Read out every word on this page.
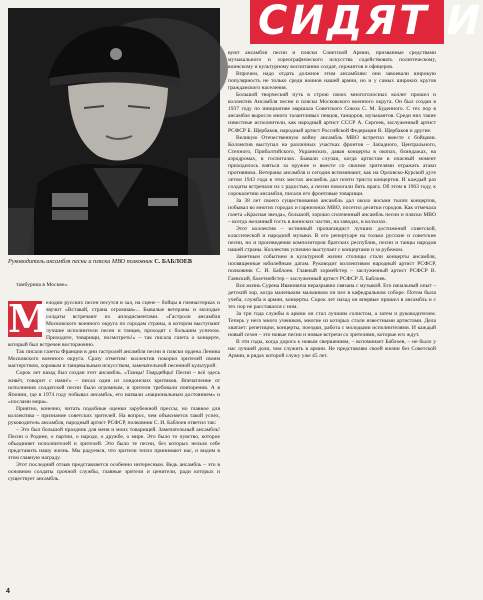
Руководитель ансамбля песни и пляски МВО полковник С. БАБЛОЕВ
СИДЯТ И

тамбурина в Москве».

М

елодии русских песен несутся в зал, на сцене – бойцы в гимнастерках и звучит «Вставай, страна огромная»... Бывалые ветераны и молодые солдаты встречают их аплодисментами. «Гастроли ансамбля Московского военного округа по городам страны, в котором выступают лучшие исполнители песен и танцев, проходят с большим успехом. Приходите, товарищи, посмотреть!» – так писала газета о концерте, который был встречен восторженно.

Так писали газеты Франции в дни гастролей ансамбля песни и пляски ордена Ленина Московского военного округа. Сразу отметим: коллектив покорил зрителей своим мастерством, хоровым и танцевальным искусством, замечательной песенной культурой.

Сорок лет назад был создан этот ансамбль. «Танцы! Гвардейцы! Песни – всё здесь живёт, говорит с нами!» – писал один из лондонских критиков. Впечатление от исполнения солдатской песни было огромным, и зрители требовали повторения. А в Японии, где в 1974 году побывал ансамбль, его назвали «национальным достоянием» и «послами мира».

Приятно, конечно, читать подобные оценки зарубежной прессы, но главное для коллектива – признание советских зрителей. На вопрос, чем объясняется такой успех, руководитель ансамбля, народный артист РСФСР, полковник С. И. Баблоев ответил так:

– Это был большой праздник для меня и моих товарищей. Замечательный ансамбль! Песни о Родине, о партии, о народе, о дружбе, о мире. Это было то чувство, которое объединяет исполнителей и зрителей. Это было те песни, без которых нельзя себе представить нашу жизнь. Мы радуемся, что зрители тепло принимают нас, и видим в этом главную награду.

Этот последний отзыв представляется особенно интересным. Ведь ансамбль – это в основном солдаты срочной службы, главные зрители и ценители, ради которых и существует ансамбль.

вуют ансамбли песни и пляски Советской Армии, призванные средствами музыкального и хореографического искусства содействовать политическому, воинскому и культурному воспитанию солдат, сержантов и офицеров.

Впрочем, надо отдать должное этим ансамблям: они завоевали широкую популярность не только среди воинов нашей армии, но и у самых широких кругов гражданского населения.

Большой творческий путь в строю своих многоголосных коллег прошел и коллектив Ансамбля песни и пляски Московского военного округа. Он был создан в 1937 году по инициативе маршала Советского Союза С. М. Буденного. С тех пор в ансамбле выросло много талантливых певцов, танцоров, музыкантов. Среди них такие известные исполнители, как народный артист СССР А. Сергеев, заслуженный артист РСФСР Б. Щербаков, народный артист Российской Федерации В. Щербаков и другие.

Великую Отечественную войну ансамбль МВО встретил вместе с бойцами. Коллектив выступал на различных участках фронтов – Западного, Центрального, Степного, Прибалтийского, Украинских, давая концерты в окопах, блиндажах, на аэродромах, в госпиталях. Бывали случаи, когда артистам в опасный момент приходилось взяться за оружие и вместе со своими зрителями отражать атаки противника. Ветераны ансамбля и сегодня вспоминают, как на Орловско-Курской дуге летом 1943 года в этих местах ансамбль дал почти триста концертов. И каждый раз солдаты встречали их с радостью, а песни помогали бить врага. Об этом в 1963 году, к сорокалетию ансамбля, писали его фронтовые товарищи.

За 38 лет своего существования ансамбль дал около восьми тысяч концертов, побывал во многих городах и гарнизонах МВО, посетил десятки городов. Как отмечала газета «Красная звезда», большой, хорошо сплоченный ансамбль песни и пляски МВО – всегда желанный гость в воинских частях, на заводах, в колхозах.

Этот коллектив – истинный пропагандист лучших достижений советской, классической и народной музыки. В его репертуаре на только русские и советские песни, но и произведения композиторов братских республик, песни и танцы народов нашей страны. Коллектив успешно выступает с концертами и за рубежом.

Заметным событием в культурной жизни столицы стали концерты ансамбля, посвященные юбилейным датам. Руководит коллективом народный артист РСФСР, полковник С. И. Баблоев. Главный хормейстер – заслуженный артист РСФСР В. Гаевский, балетмейстер – заслуженный артист РСФСР Л. Баблоев.

Вся жизнь Сурена Ивановича неразрывно связана с музыкой. Его начальный опыт – детский хор, когда маленьким мальчиком он пел в кафедральном соборе. Потом была учеба, служба в армии, концерты. Сорок лет назад он впервые пришел в ансамбль и с тех пор не расставался с ним.

За три года службы в армии он стал лучшим солистом, а затем и руководителем. Теперь у него много учеников, многие из которых стали известными артистами. Дела хватает: репетиции, концерты, поездки, работа с молодыми исполнителями. И каждый новый сезон – это новые песни и новые встречи со зрителями, которые его ждут.

В эти годы, когда дорога к новым свершениям, – вспоминает Баблоев, – не было у нас лучшей доли, чем служить в армии. Не представляю своей жизни без Советской Армии, в рядах которой служу уже 45 лет.

4
